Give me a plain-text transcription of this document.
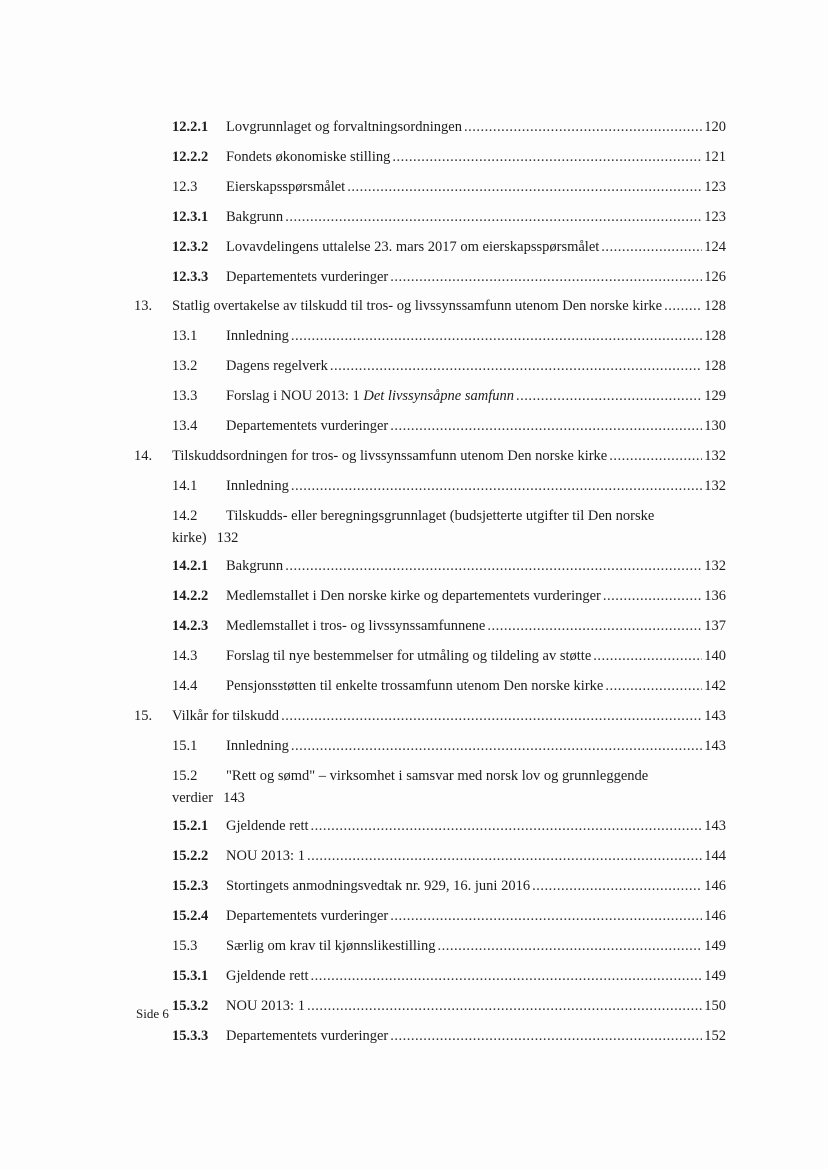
12.2.1 Lovgrunnlaget og forvaltningsordningen .....	120
12.2.2 Fondets økonomiske stilling .....	121
12.3 Eierskapsspørsmålet .....	123
12.3.1 Bakgrunn .....	123
12.3.2 Lovavdelingens uttalelse 23. mars 2017 om eierskapsspørsmålet .....	124
12.3.3 Departementets vurderinger .....	126
13. Statlig overtakelse av tilskudd til tros- og livssynssamfunn utenom Den norske kirke .....	128
13.1 Innledning .....	128
13.2 Dagens regelverk .....	128
13.3 Forslag i NOU 2013: 1 Det livssynsåpne samfunn .....	129
13.4 Departementets vurderinger .....	130
14. Tilskuddsordningen for tros- og livssynssamfunn utenom Den norske kirke .....	132
14.1 Innledning .....	132
14.2 Tilskudds- eller beregningsgrunnlaget (budsjetterte utgifter til Den norske
kirke) 132
14.2.1 Bakgrunn .....	132
14.2.2 Medlemstallet i Den norske kirke og departementets vurderinger .....	136
14.2.3 Medlemstallet i tros- og livssynssamfunnene .....	137
14.3 Forslag til nye bestemmelser for utmåling og tildeling av støtte .....	140
14.4 Pensjonsstøtten til enkelte trossamfunn utenom Den norske kirke .....	142
15. Vilkår for tilskudd .....	143
15.1 Innledning .....	143
15.2 "Rett og sømd" – virksomhet i samsvar med norsk lov og grunnleggende
verdier 143
15.2.1 Gjeldende rett .....	143
15.2.2 NOU 2013: 1 .....	144
15.2.3 Stortingets anmodningsvedtak nr. 929, 16. juni 2016 .....	146
15.2.4 Departementets vurderinger .....	146
15.3 Særlig om krav til kjønnslikestilling .....	149
15.3.1 Gjeldende rett .....	149
15.3.2 NOU 2013: 1 .....	150
15.3.3 Departementets vurderinger .....	152
Side 6
